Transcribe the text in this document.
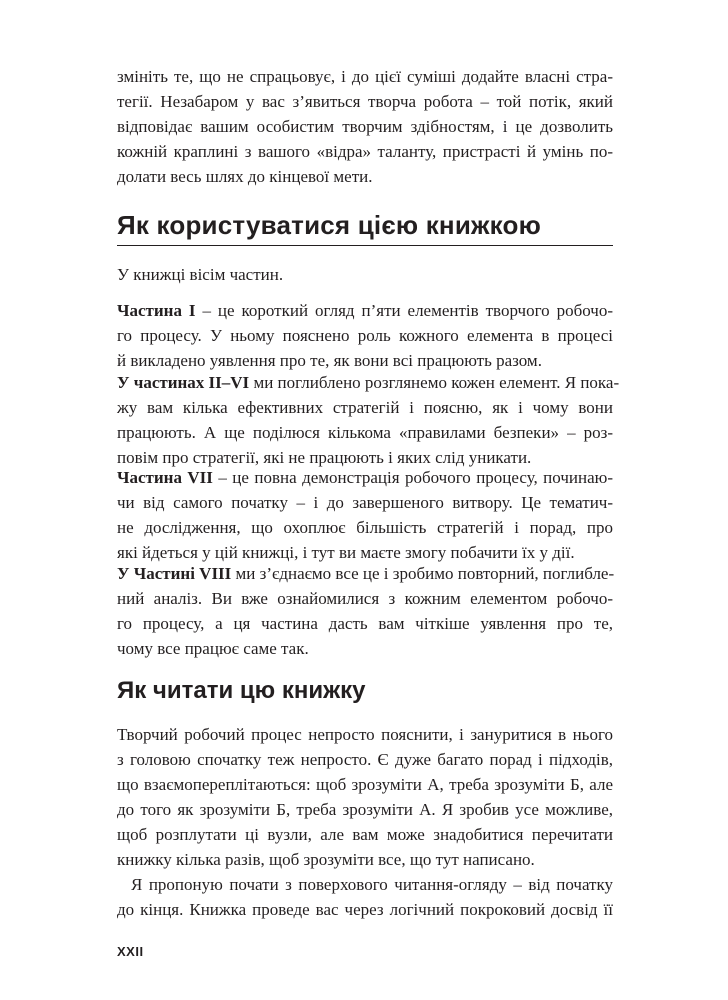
змініть те, що не спрацьовує, і до цієї суміші додайте власні стра-
тегії. Незабаром у вас з’явиться творча робота – той потік, який
відповідає вашим особистим творчим здібностям, і це дозволить
кожній краплині з вашого «відра» таланту, пристрасті й умінь по-
долати весь шлях до кінцевої мети.
Як користуватися цією книжкою
У книжці вісім частин.
Частина I – це короткий огляд п’яти елементів творчого робочо-
го процесу. У ньому пояснено роль кожного елемента в процесі
й викладено уявлення про те, як вони всі працюють разом.
У частинах II–VI ми поглиблено розглянемо кожен елемент. Я пока-
жу вам кілька ефективних стратегій і поясню, як і чому вони
працюють. А ще поділюся кількома «правилами безпеки» – роз-
повім про стратегії, які не працюють і яких слід уникати.
Частина VII – це повна демонстрація робочого процесу, починаю-
чи від самого початку – і до завершеного витвору. Це тематич-
не дослідження, що охоплює більшість стратегій і порад, про
які йдеться у цій книжці, і тут ви маєте змогу побачити їх у дії.
У Частині VIII ми з’єднаємо все це і зробимо повторний, поглибле-
ний аналіз. Ви вже ознайомилися з кожним елементом робочо-
го процесу, а ця частина дасть вам чіткіше уявлення про те,
чому все працює саме так.
Як читати цю книжку
Творчий робочий процес непросто пояснити, і зануритися в нього
з головою спочатку теж непросто. Є дуже багато порад і підходів,
що взаємопереплітаються: щоб зрозуміти А, треба зрозуміти Б, але
до того як зрозуміти Б, треба зрозуміти А. Я зробив усе можливе,
щоб розплутати ці вузли, але вам може знадобитися перечитати
книжку кілька разів, щоб зрозуміти все, що тут написано.
Я пропоную почати з поверхового читання-огляду – від початку
до кінця. Книжка проведе вас через логічний покроковий досвід її
XXII
